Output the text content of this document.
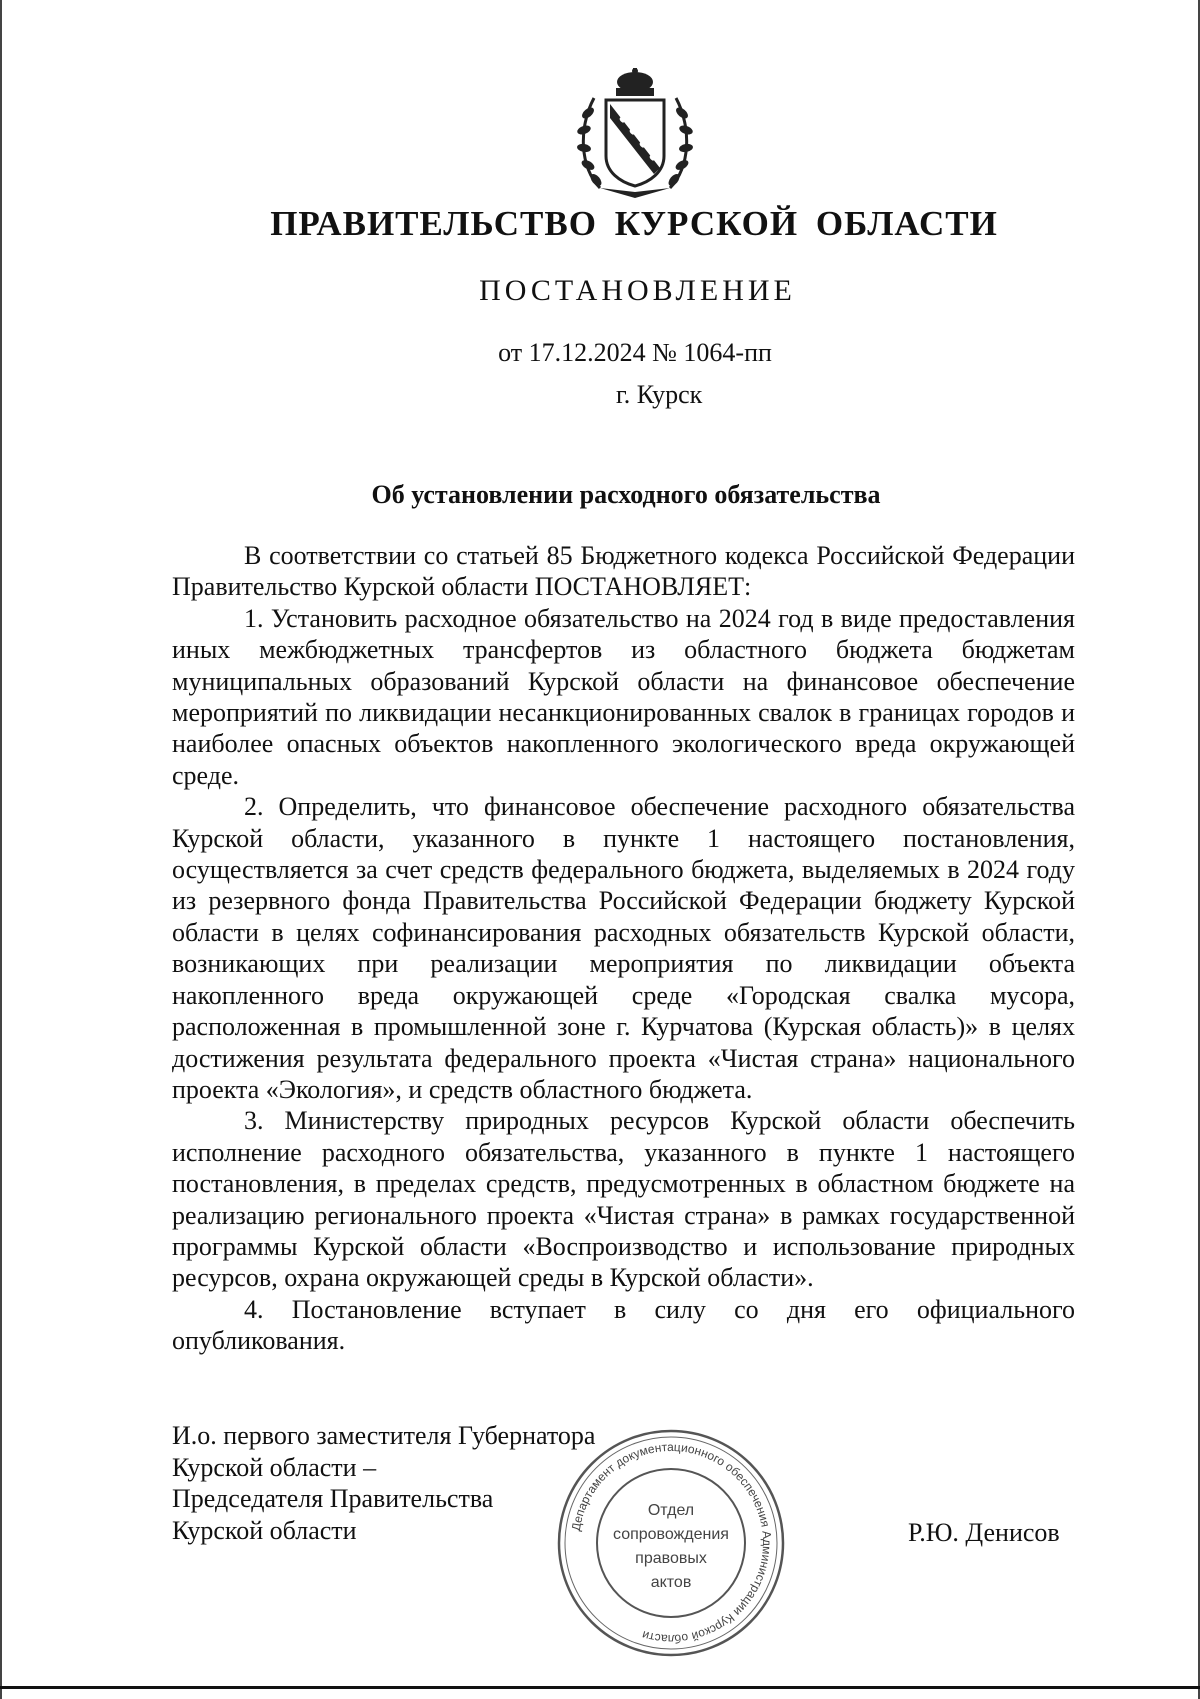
ПРАВИТЕЛЬСТВО КУРСКОЙ ОБЛАСТИ
ПОСТАНОВЛЕНИЕ
от 17.12.2024 № 1064-пп
г. Курск
Об установлении расходного обязательства

В соответствии со статьей 85 Бюджетного кодекса Российской Федерации Правительство Курской области ПОСТАНОВЛЯЕТ:

1. Установить расходное обязательство на 2024 год в виде предоставления иных межбюджетных трансфертов из областного бюджета бюджетам муниципальных образований Курской области на финансовое обеспечение мероприятий по ликвидации несанкционированных свалок в границах городов и наиболее опасных объектов накопленного экологического вреда окружающей среде.

2. Определить, что финансовое обеспечение расходного обязательства Курской области, указанного в пункте 1 настоящего постановления, осуществляется за счет средств федерального бюджета, выделяемых в 2024 году из резервного фонда Правительства Российской Федерации бюджету Курской области в целях софинансирования расходных обязательств Курской области, возникающих при реализации мероприятия по ликвидации объекта накопленного вреда окружающей среде «Городская свалка мусора, расположенная в промышленной зоне г. Курчатова (Курская область)» в целях достижения результата федерального проекта «Чистая страна» национального проекта «Экология», и средств областного бюджета.

3. Министерству природных ресурсов Курской области обеспечить исполнение расходного обязательства, указанного в пункте 1 настоящего постановления, в пределах средств, предусмотренных в областном бюджете на реализацию регионального проекта «Чистая страна» в рамках государственной программы Курской области «Воспроизводство и использование природных ресурсов, охрана окружающей среды в Курской области».

4. Постановление вступает в силу со дня его официального опубликования.

И.о. первого заместителя Губернатора
Курской области –
Председателя Правительства
Курской области	Р.Ю. Денисов
Департамент документационного обеспечения Администрации Курской области
Отдел
сопровождения
правовых
актов
